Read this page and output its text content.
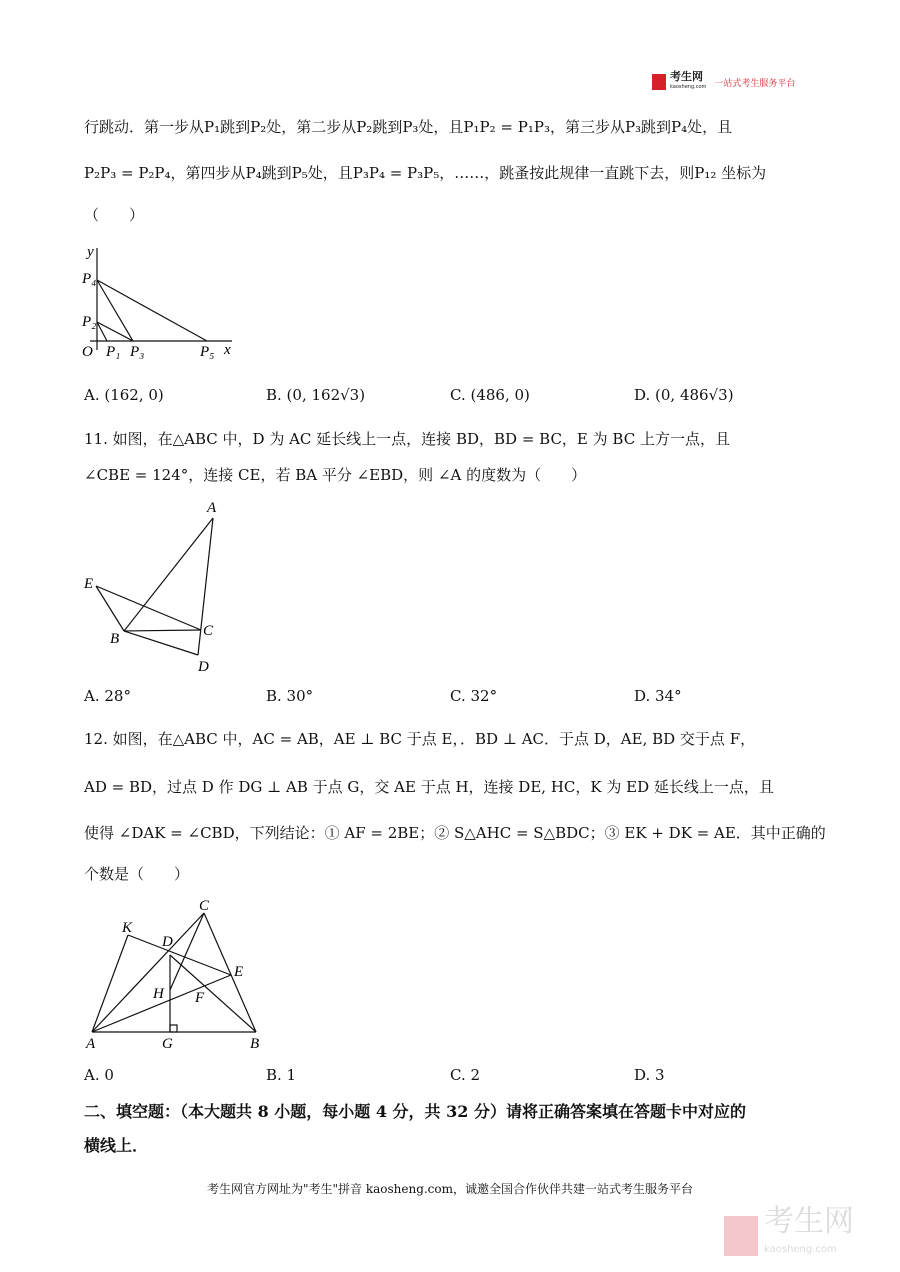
考生网
kaosheng.com 一站式考生服务平台
行跳动．第一步从P₁跳到P₂处，第二步从P₂跳到P₃处，且P₁P₂ = P₁P₃，第三步从P₃跳到P₄处，且
P₂P₃ = P₂P₄，第四步从P₄跳到P₅处，且P₃P₄ = P₃P₅，……，跳蚤按此规律一直跳下去，则P₁₂ 坐标为
（　　）
y
x
O P₁
P₂
P₃
P₄
P₅
A
B	C
D
E
A	B
C
D
E
F
G
H
K
A. (162, 0)	B. (0, 162√3)	C. (486, 0)	D. (0, 486√3)
11. 如图，在△ABC 中，D 为 AC 延长线上一点，连接 BD，BD = BC，E 为 BC 上方一点，且
∠CBE = 124°，连接 CE，若 BA 平分 ∠EBD，则 ∠A 的度数为（　　）
A. 28°	B. 30°	C. 32°	D. 34°
12. 如图，在△ABC 中，AC = AB，AE ⊥ BC 于点 E，．BD ⊥ AC．于点 D，AE, BD 交于点 F，
AD = BD，过点 D 作 DG ⊥ AB 于点 G，交 AE 于点 H，连接 DE, HC，K 为 ED 延长线上一点，且
使得 ∠DAK = ∠CBD，下列结论：① AF = 2BE；② S△AHC = S△BDC；③ EK + DK = AE．其中正确的
个数是（　　）
A. 0	B. 1	C. 2	D. 3
二、填空题：（本大题共 8 小题，每小题 4 分，共 32 分）请将正确答案填在答题卡中对应的
横线上．
考生网官方网址为"考生"拼音 kaosheng.com，诚邀全国合作伙伴共建一站式考生服务平台
考生网
kaosheng.com
